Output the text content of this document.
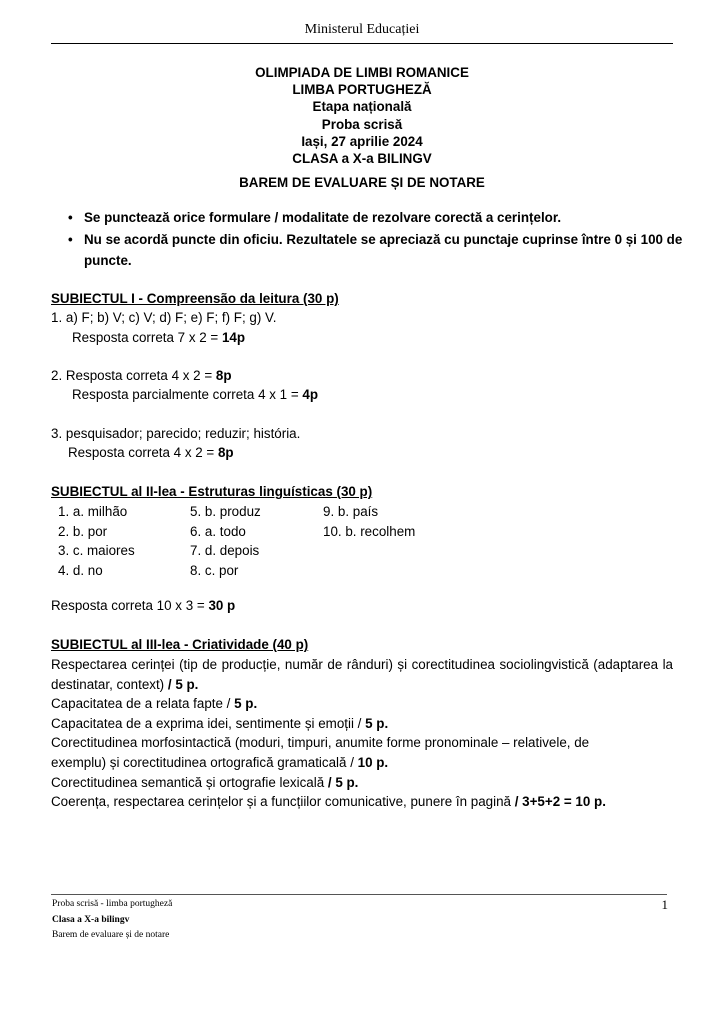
Ministerul Educației
OLIMPIADA DE LIMBI ROMANICE
LIMBA PORTUGHEZĂ
Etapa națională
Proba scrisă
Iași, 27 aprilie 2024
CLASA a X-a BILINGV
BAREM DE EVALUARE ȘI DE NOTARE
• Se punctează orice formulare / modalitate de rezolvare corectă a cerințelor.
• Nu se acordă puncte din oficiu. Rezultatele se apreciază cu punctaje cuprinse între 0 și 100 de puncte.
SUBIECTUL I - Compreensão da leitura (30 p)
1. a) F; b) V; c) V; d) F; e) F; f) F; g) V.
Resposta correta 7 x 2 = 14p
2. Resposta correta 4 x 2 = 8p
Resposta parcialmente correta 4 x 1 = 4p
3. pesquisador; parecido; reduzir; história.
Resposta correta 4 x 2 = 8p
SUBIECTUL al II-lea - Estruturas linguísticas (30 p)
1. a. milhão
2. b. por
3. c. maiores
4. d. no
5. b. produz
6. a. todo
7. d. depois
8. c. por
9. b. país
10. b. recolhem
Resposta correta 10 x 3 = 30 p
SUBIECTUL al III-lea - Criatividade (40 p)
Respectarea cerinței (tip de producție, număr de rânduri) și corectitudinea sociolingvistică (adaptarea la destinatar, context) / 5 p.
Capacitatea de a relata fapte / 5 p.
Capacitatea de a exprima idei, sentimente și emoții / 5 p.
Corectitudinea morfosintactică (moduri, timpuri, anumite forme pronominale – relativele, de
exemplu) și corectitudinea ortografică gramaticală / 10 p.
Corectitudinea semantică și ortografie lexicală / 5 p.
Coerența, respectarea cerințelor și a funcțiilor comunicative, punere în pagină / 3+5+2 = 10 p.
Proba scrisă - limba portugheză
Clasa a X-a bilingv
Barem de evaluare și de notare
1
